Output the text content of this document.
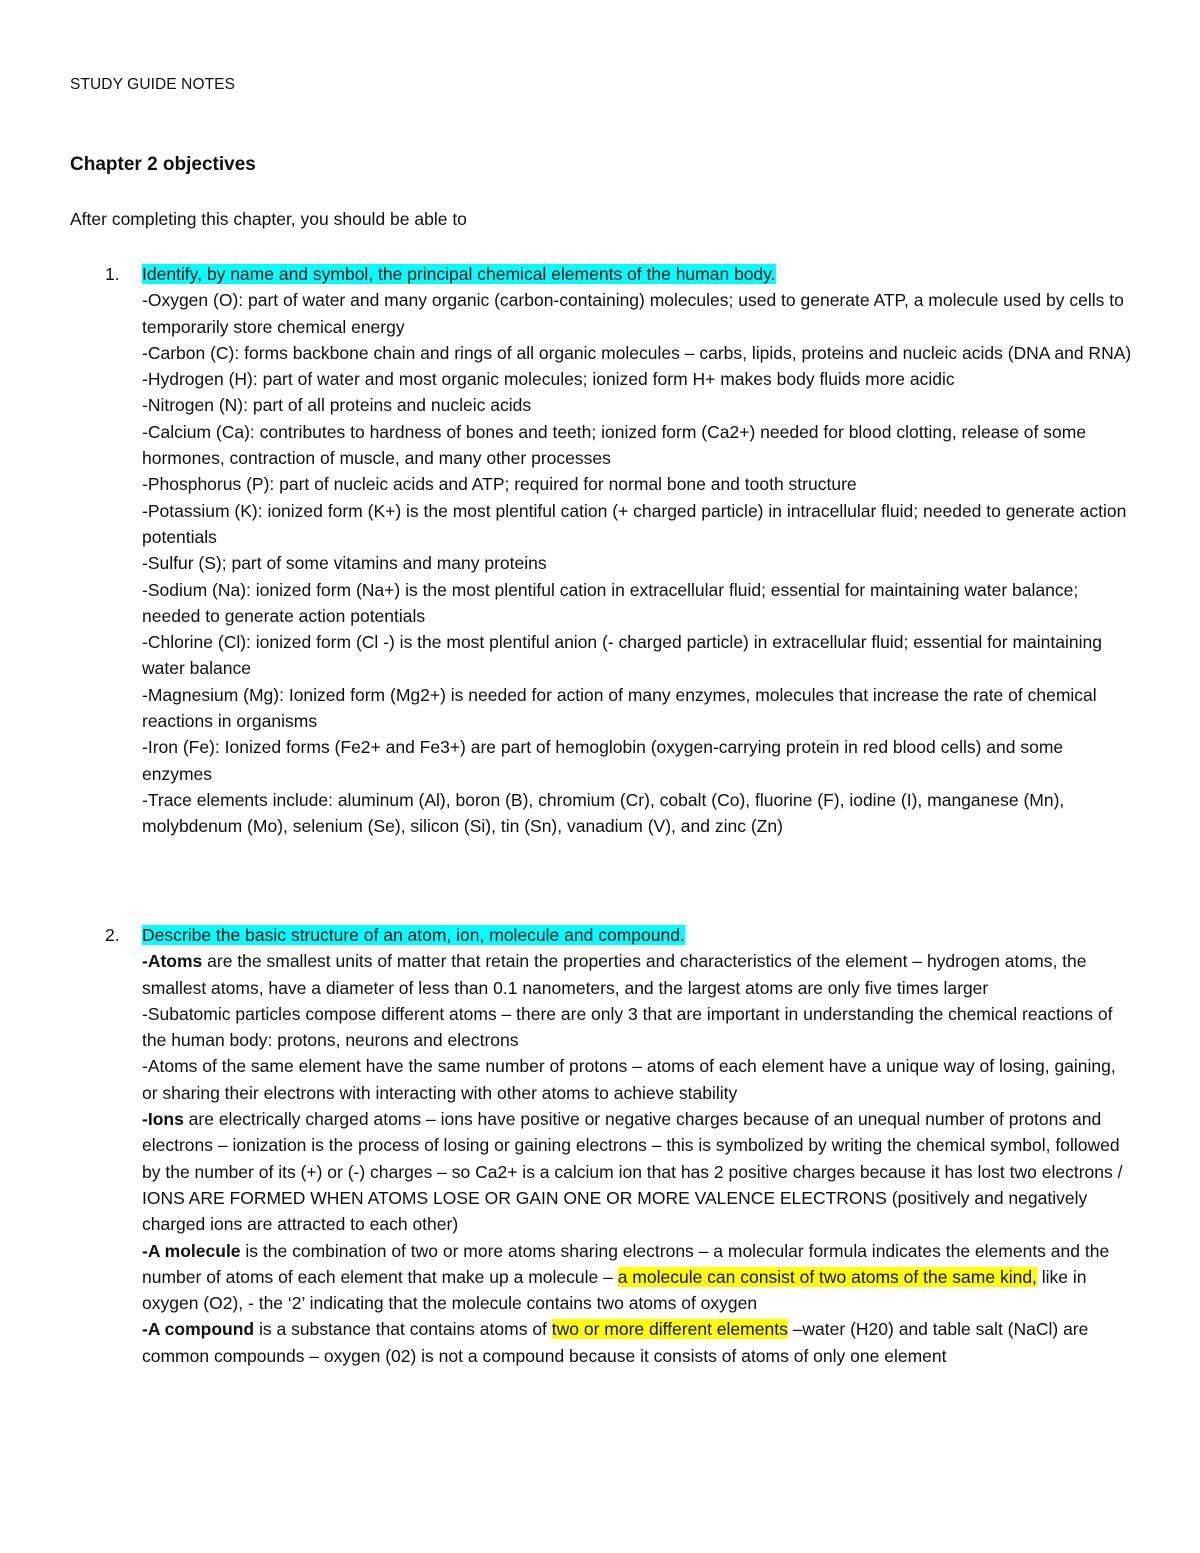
STUDY GUIDE NOTES
Chapter 2 objectives
After completing this chapter, you should be able to
1. Identify, by name and symbol, the principal chemical elements of the human body.

-Oxygen (O): part of water and many organic (carbon-containing) molecules; used to generate ATP, a molecule used by cells to temporarily store chemical energy

-Carbon (C): forms backbone chain and rings of all organic molecules – carbs, lipids, proteins and nucleic acids (DNA and RNA)

-Hydrogen (H): part of water and most organic molecules; ionized form H+ makes body fluids more acidic

-Nitrogen (N): part of all proteins and nucleic acids

-Calcium (Ca): contributes to hardness of bones and teeth; ionized form (Ca2+) needed for blood clotting, release of some hormones, contraction of muscle, and many other processes

-Phosphorus (P): part of nucleic acids and ATP; required for normal bone and tooth structure

-Potassium (K): ionized form (K+) is the most plentiful cation (+ charged particle) in intracellular fluid; needed to generate action potentials

-Sulfur (S); part of some vitamins and many proteins

-Sodium (Na): ionized form (Na+) is the most plentiful cation in extracellular fluid; essential for maintaining water balance; needed to generate action potentials

-Chlorine (Cl): ionized form (Cl -) is the most plentiful anion (- charged particle) in extracellular fluid; essential for maintaining water balance

-Magnesium (Mg): Ionized form (Mg2+) is needed for action of many enzymes, molecules that increase the rate of chemical reactions in organisms

-Iron (Fe): Ionized forms (Fe2+ and Fe3+) are part of hemoglobin (oxygen-carrying protein in red blood cells) and some enzymes

-Trace elements include: aluminum (Al), boron (B), chromium (Cr), cobalt (Co), fluorine (F), iodine (I), manganese (Mn), molybdenum (Mo), selenium (Se), silicon (Si), tin (Sn), vanadium (V), and zinc (Zn)

2. Describe the basic structure of an atom, ion, molecule and compound.

-Atoms are the smallest units of matter that retain the properties and characteristics of the element – hydrogen atoms, the smallest atoms, have a diameter of less than 0.1 nanometers, and the largest atoms are only five times larger

-Subatomic particles compose different atoms – there are only 3 that are important in understanding the chemical reactions of the human body: protons, neurons and electrons

-Atoms of the same element have the same number of protons – atoms of each element have a unique way of losing, gaining, or sharing their electrons with interacting with other atoms to achieve stability

-Ions are electrically charged atoms – ions have positive or negative charges because of an unequal number of protons and electrons – ionization is the process of losing or gaining electrons – this is symbolized by writing the chemical symbol, followed by the number of its (+) or (-) charges – so Ca2+ is a calcium ion that has 2 positive charges because it has lost two electrons / IONS ARE FORMED WHEN ATOMS LOSE OR GAIN ONE OR MORE VALENCE ELECTRONS (positively and negatively charged ions are attracted to each other)

-A molecule is the combination of two or more atoms sharing electrons – a molecular formula indicates the elements and the number of atoms of each element that make up a molecule – a molecule can consist of two atoms of the same kind, like in oxygen (O2), - the ‘2’ indicating that the molecule contains two atoms of oxygen

-A compound is a substance that contains atoms of two or more different elements –water (H20) and table salt (NaCl) are common compounds – oxygen (02) is not a compound because it consists of atoms of only one element
